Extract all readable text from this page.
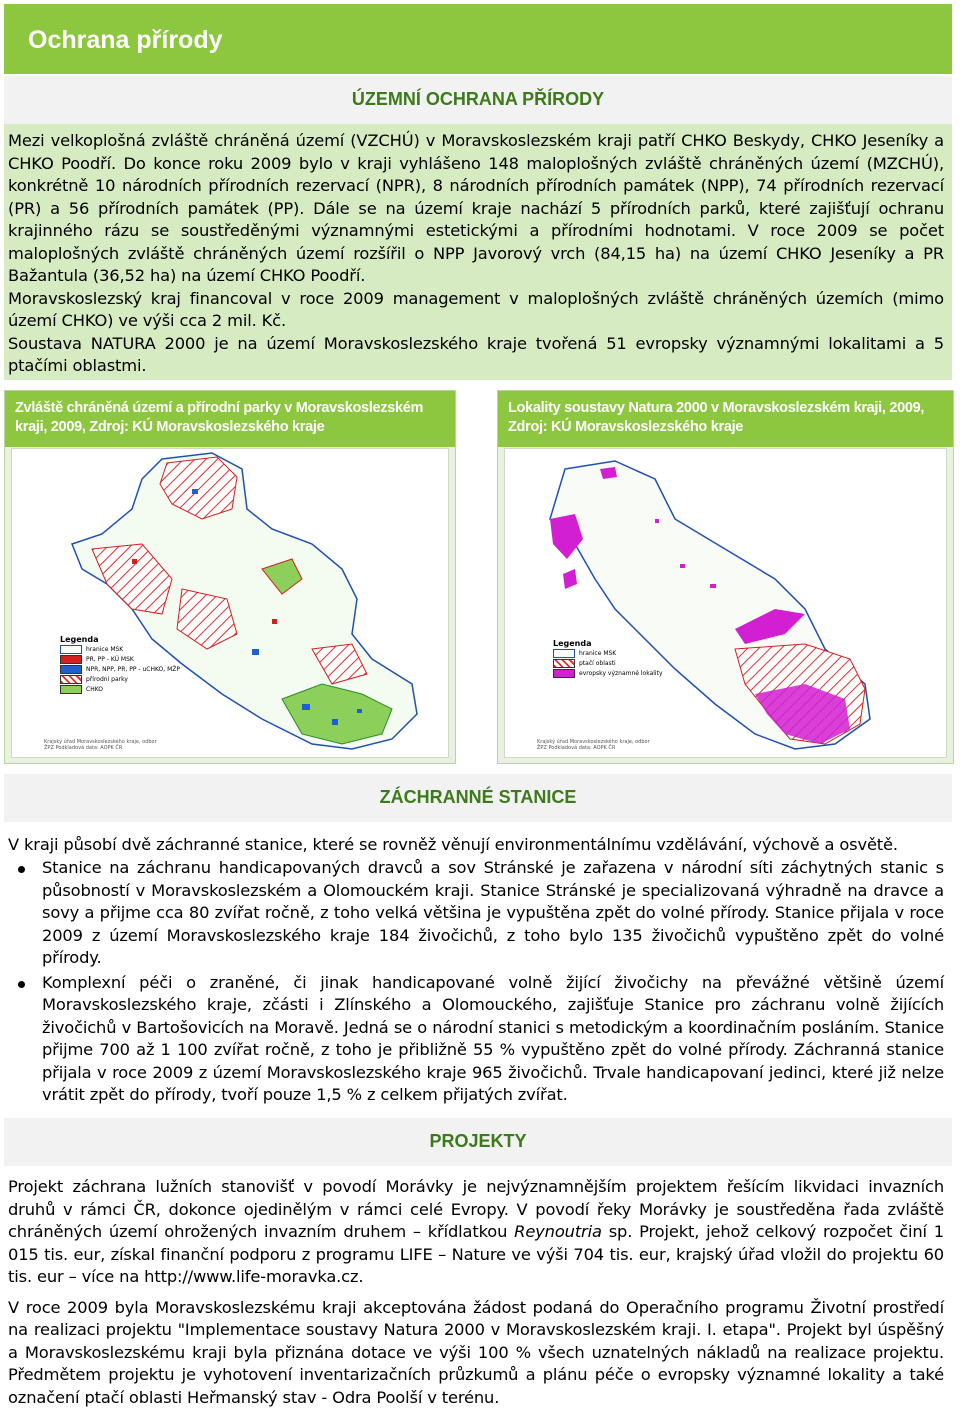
Ochrana přírody
ÚZEMNÍ OCHRANA PŘÍRODY

Mezi velkoplošná zvláště chráněná území (VZCHÚ) v Moravskoslezském kraji patří CHKO Beskydy, CHKO Jeseníky a CHKO Poodří. Do konce roku 2009 bylo v kraji vyhlášeno 148 maloplošných zvláště chráněných území (MZCHÚ), konkrétně 10 národních přírodních rezervací (NPR), 8 národních přírodních památek (NPP), 74 přírodních rezervací (PR) a 56 přírodních památek (PP). Dále se na území kraje nachází 5 přírodních parků, které zajišťují ochranu krajinného rázu se soustředěnými významnými estetickými a přírodními hodnotami. V roce 2009 se počet maloplošných zvláště chráněných území rozšířil o NPP Javorový vrch (84,15 ha) na území CHKO Jeseníky a PR Bažantula (36,52 ha) na území CHKO Poodří.

Moravskoslezský kraj financoval v roce 2009 management v maloplošných zvláště chráněných územích (mimo území CHKO) ve výši cca 2 mil. Kč.

Soustava NATURA 2000 je na území Moravskoslezského kraje tvořená 51 evropsky významnými lokalitami a 5 ptačími oblastmi.

Zvláště chráněná území a přírodní parky v Moravskoslezském kraji, 2009, Zdroj: KÚ Moravskoslezského kraje
Legenda
hranice MSK
PR, PP - KÚ MSK
NPR, NPP, PR, PP - uCHKO, MŽP
přírodní parky
CHKO
Krajský úřad Moravskoslezského kraje, odbor ŽPZ Podkladová data: AOPK ČR
Lokality soustavy Natura 2000 v Moravskoslezském kraji, 2009, Zdroj: KÚ Moravskoslezského kraje
Legenda
hranice MSK
ptačí oblasti
evropsky významné lokality
Krajský úřad Moravskoslezského kraje, odbor ŽPZ Podkladová data: AOPK ČR
ZÁCHRANNÉ STANICE

V kraji působí dvě záchranné stanice, které se rovněž věnují environmentálnímu vzdělávání, výchově a osvětě.

Stanice na záchranu handicapovaných dravců a sov Stránské je zařazena v národní síti záchytných stanic s působností v Moravskoslezském a Olomouckém kraji. Stanice Stránské je specializovaná výhradně na dravce a sovy a přijme cca 80 zvířat ročně, z toho velká většina je vypuštěna zpět do volné přírody. Stanice přijala v roce 2009 z území Moravskoslezského kraje 184 živočichů, z toho bylo 135 živočichů vypuštěno zpět do volné přírody.
Komplexní péči o zraněné, či jinak handicapované volně žijící živočichy na převážné většině území Moravskoslezského kraje, zčásti i Zlínského a Olomouckého, zajišťuje Stanice pro záchranu volně žijících živočichů v Bartošovicích na Moravě. Jedná se o národní stanici s metodickým a koordinačním posláním. Stanice přijme 700 až 1 100 zvířat ročně, z toho je přibližně 55 % vypuštěno zpět do volné přírody. Záchranná stanice přijala v roce 2009 z území Moravskoslezského kraje 965 živočichů. Trvale handicapovaní jedinci, které již nelze vrátit zpět do přírody, tvoří pouze 1,5 % z celkem přijatých zvířat.
PROJEKTY

Projekt záchrana lužních stanovišť v povodí Morávky je nejvýznamnějším projektem řešícím likvidaci invazních druhů v rámci ČR, dokonce ojedinělým v rámci celé Evropy. V povodí řeky Morávky je soustředěna řada zvláště chráněných území ohrožených invazním druhem – křídlatkou Reynoutria sp. Projekt, jehož celkový rozpočet činí 1 015 tis. eur, získal finanční podporu z programu LIFE – Nature ve výši 704 tis. eur, krajský úřad vložil do projektu 60 tis. eur – více na http://www.life-moravka.cz.

V roce 2009 byla Moravskoslezskému kraji akceptována žádost podaná do Operačního programu Životní prostředí na realizaci projektu "Implementace soustavy Natura 2000 v Moravskoslezském kraji. I. etapa". Projekt byl úspěšný a Moravskoslezskému kraji byla přiznána dotace ve výši 100 % všech uznatelných nákladů na realizace projektu. Předmětem projektu je vyhotovení inventarizačních průzkumů a plánu péče o evropsky významné lokality a také označení ptačí oblasti Heřmanský stav - Odra Poolší v terénu.
